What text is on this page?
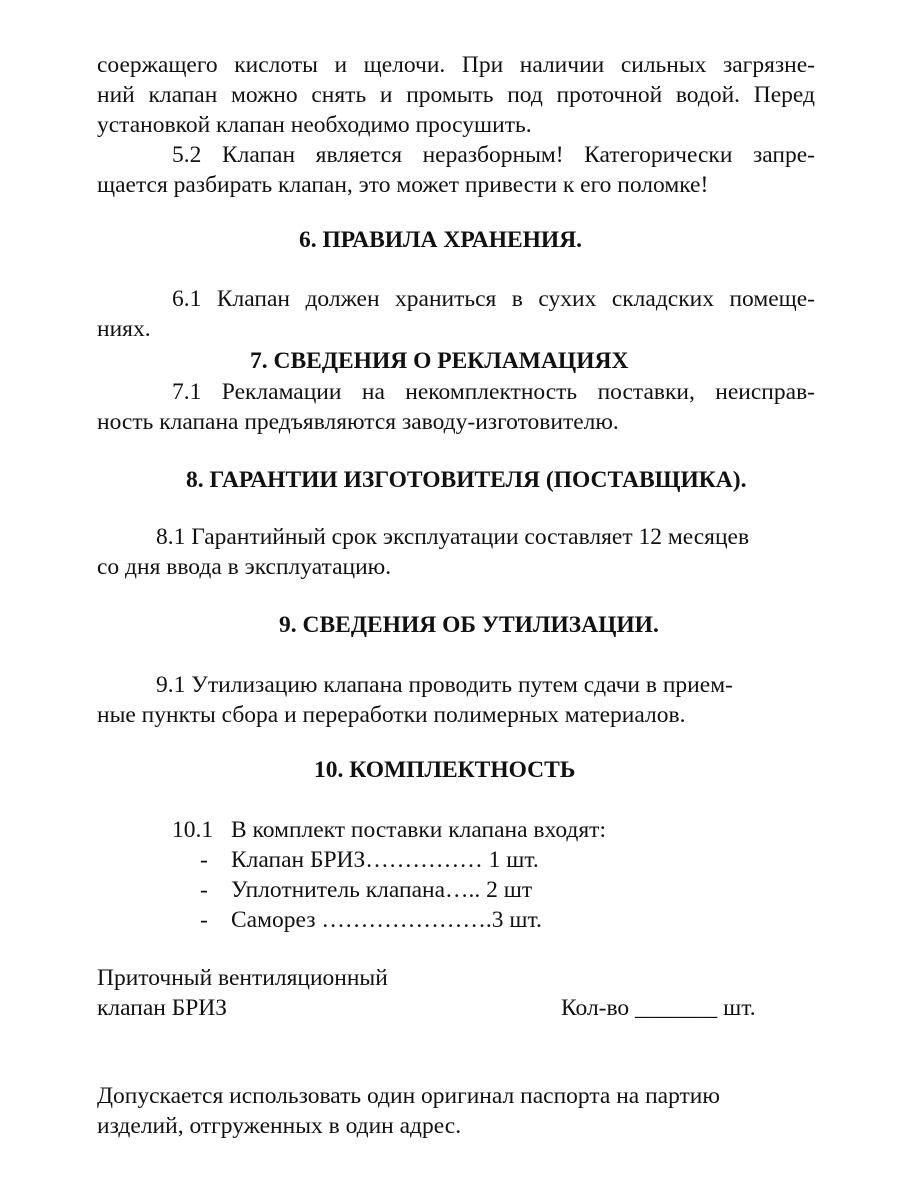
соержащего кислоты и щелочи. При наличии сильных загрязне-

ний клапан можно снять и промыть под проточной водой. Перед

установкой клапан необходимо просушить.

5.2 Клапан является неразборным! Категорически запре-

щается разбирать клапан, это может привести к его поломке!

6. ПРАВИЛА ХРАНЕНИЯ.

6.1 Клапан должен храниться в сухих складских помеще-

ниях.

7. СВЕДЕНИЯ О РЕКЛАМАЦИЯХ

7.1 Рекламации на некомплектность поставки, неисправ-

ность клапана предъявляются заводу-изготовителю.

8. ГАРАНТИИ ИЗГОТОВИТЕЛЯ (ПОСТАВЩИКА).

8.1 Гарантийный срок эксплуатации составляет 12 месяцев

со дня ввода в эксплуатацию.

9. СВЕДЕНИЯ ОБ УТИЛИЗАЦИИ.

9.1 Утилизацию клапана проводить путем сдачи в прием-

ные пункты сбора и переработки полимерных материалов.

10. КОМПЛЕКТНОСТЬ
10.1 В комплект поставки клапана входят:
- Клапан БРИЗ…………… 1 шт.
- Уплотнитель клапана….. 2 шт
- Саморез ………………….3 шт.

Приточный вентиляционный

клапан БРИЗ	Кол-во _______ шт.

Допускается использовать один оригинал паспорта на партию

изделий, отгруженных в один адрес.
